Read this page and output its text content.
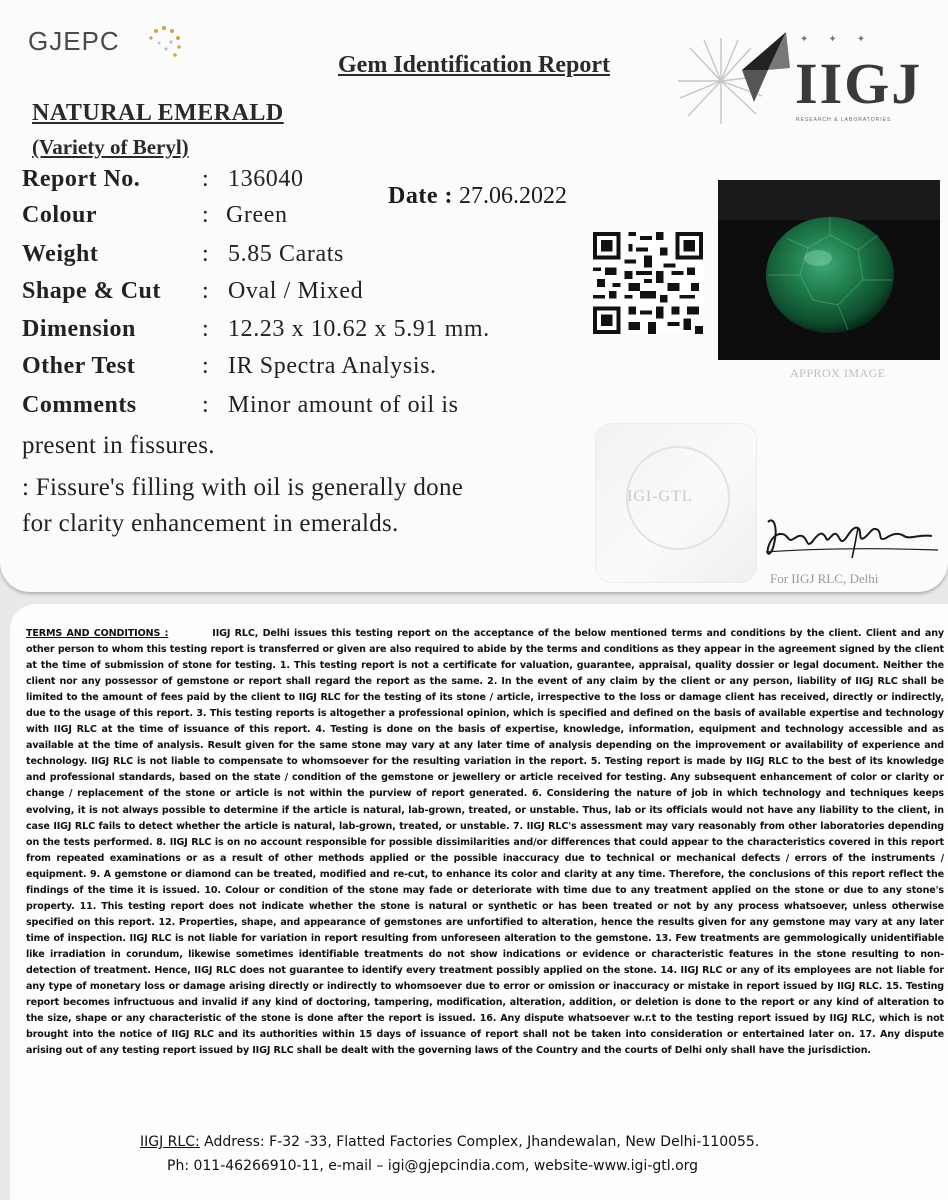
GJEPC
Gem Identification Report
✦✦✦
IIGJ
RESEARCH & LABORATORIES
NATURAL EMERALD
(Variety of Beryl)
Report No.	: 136040
Date : 27.06.2022
Colour	: Green
Weight	: 5.85 Carats
Shape & Cut : Oval / Mixed
Dimension	: 12.23 x 10.62 x 5.91 mm.
Other Test	: IR Spectra Analysis.
Comments	: Minor amount of oil is
present in fissures.
: Fissure's filling with oil is generally done
for clarity enhancement in emeralds.
APPROX IMAGE
IGI-GTL
For IIGJ RLC, Delhi
TERMS AND CONDITIONS :	IIGJ RLC, Delhi issues this testing report on the acceptance of the below mentioned terms and conditions by the client. Client and any other person to whom this testing report is transferred or given are also required to abide by the terms and conditions as they appear in the agreement signed by the client at the time of submission of stone for testing. 1. This testing report is not a certificate for valuation, guarantee, appraisal, quality dossier or legal document. Neither the client nor any possessor of gemstone or report shall regard the report as the same. 2. In the event of any claim by the client or any person, liability of IIGJ RLC shall be limited to the amount of fees paid by the client to IIGJ RLC for the testing of its stone / article, irrespective to the loss or damage client has received, directly or indirectly, due to the usage of this report. 3. This testing reports is altogether a professional opinion, which is specified and defined on the basis of available expertise and technology with IIGJ RLC at the time of issuance of this report. 4. Testing is done on the basis of expertise, knowledge, information, equipment and technology accessible and as available at the time of analysis. Result given for the same stone may vary at any later time of analysis depending on the improvement or availability of experience and technology. IIGJ RLC is not liable to compensate to whomsoever for the resulting variation in the report. 5. Testing report is made by IIGJ RLC to the best of its knowledge and professional standards, based on the state / condition of the gemstone or jewellery or article received for testing. Any subsequent enhancement of color or clarity or change / replacement of the stone or article is not within the purview of report generated. 6. Considering the nature of job in which technology and techniques keeps evolving, it is not always possible to determine if the article is natural, lab-grown, treated, or unstable. Thus, lab or its officials would not have any liability to the client, in case IIGJ RLC fails to detect whether the article is natural, lab-grown, treated, or unstable. 7. IIGJ RLC's assessment may vary reasonably from other laboratories depending on the tests performed. 8. IIGJ RLC is on no account responsible for possible dissimilarities and/or differences that could appear to the characteristics covered in this report from repeated examinations or as a result of other methods applied or the possible inaccuracy due to technical or mechanical defects / errors of the instruments / equipment. 9. A gemstone or diamond can be treated, modified and re-cut, to enhance its color and clarity at any time. Therefore, the conclusions of this report reflect the findings of the time it is issued. 10. Colour or condition of the stone may fade or deteriorate with time due to any treatment applied on the stone or due to any stone's property. 11. This testing report does not indicate whether the stone is natural or synthetic or has been treated or not by any process whatsoever, unless otherwise specified on this report. 12. Properties, shape, and appearance of gemstones are unfortified to alteration, hence the results given for any gemstone may vary at any later time of inspection. IIGJ RLC is not liable for variation in report resulting from unforeseen alteration to the gemstone. 13. Few treatments are gemmologically unidentifiable like irradiation in corundum, likewise sometimes identifiable treatments do not show indications or evidence or characteristic features in the stone resulting to non-detection of treatment. Hence, IIGJ RLC does not guarantee to identify every treatment possibly applied on the stone. 14. IIGJ RLC or any of its employees are not liable for any type of monetary loss or damage arising directly or indirectly to whomsoever due to error or omission or inaccuracy or mistake in report issued by IIGJ RLC. 15. Testing report becomes infructuous and invalid if any kind of doctoring, tampering, modification, alteration, addition, or deletion is done to the report or any kind of alteration to the size, shape or any characteristic of the stone is done after the report is issued. 16. Any dispute whatsoever w.r.t to the testing report issued by IIGJ RLC, which is not brought into the notice of IIGJ RLC and its authorities within 15 days of issuance of report shall not be taken into consideration or entertained later on. 17. Any dispute arising out of any testing report issued by IIGJ RLC shall be dealt with the governing laws of the Country and the courts of Delhi only shall have the jurisdiction.
IIGJ RLC: Address: F-32 -33, Flatted Factories Complex, Jhandewalan, New Delhi-110055.
Ph: 011-46266910-11, e-mail – igi@gjepcindia.com, website-www.igi-gtl.org
